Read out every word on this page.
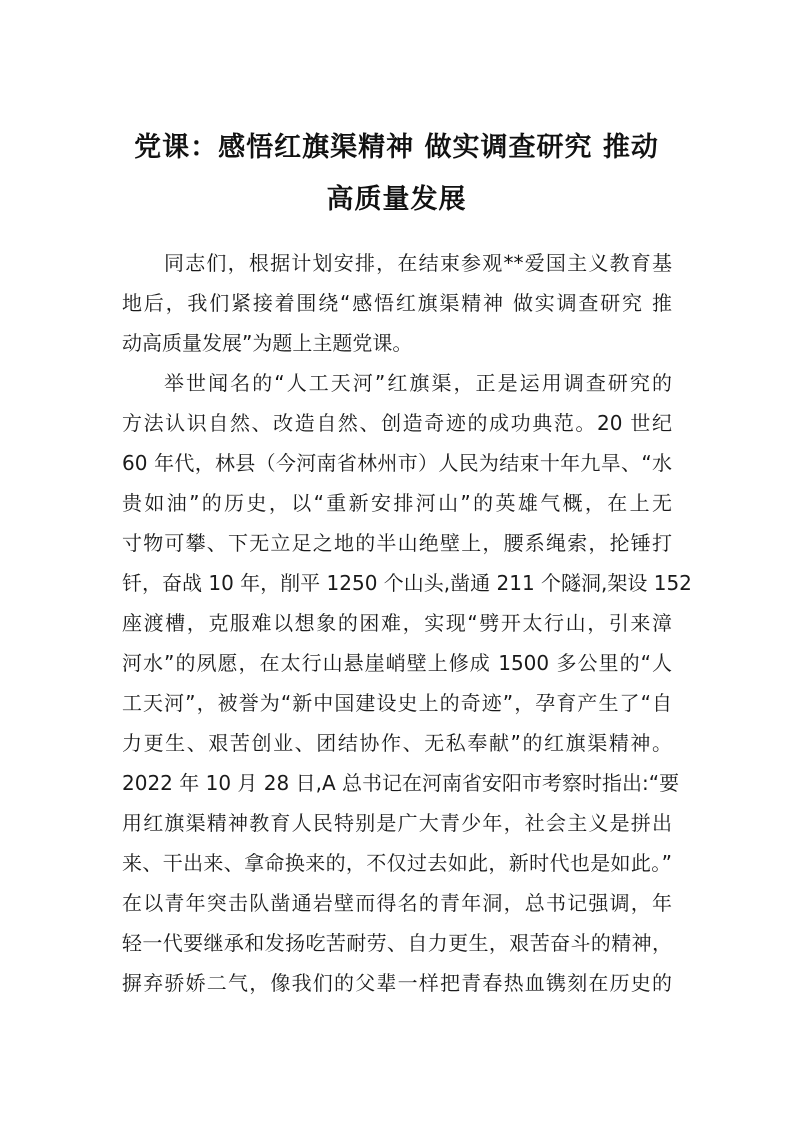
党课：感悟红旗渠精神 做实调查研究 推动
高质量发展
同志们，根据计划安排，在结束参观**爱国主义教育基
地后，我们紧接着围绕“感悟红旗渠精神 做实调查研究 推
动高质量发展”为题上主题党课。
举世闻名的“人工天河”红旗渠，正是运用调查研究的
方法认识自然、改造自然、创造奇迹的成功典范。20 世纪
60 年代，林县（今河南省林州市）人民为结束十年九旱、“水
贵如油”的历史，以“重新安排河山”的英雄气概，在上无
寸物可攀、下无立足之地的半山绝壁上，腰系绳索，抡锤打
钎，奋战 10 年，削平 1250 个山头,凿通 211 个隧洞,架设 152
座渡槽，克服难以想象的困难，实现“劈开太行山，引来漳
河水”的夙愿，在太行山悬崖峭壁上修成 1500 多公里的“人
工天河”，被誉为“新中国建设史上的奇迹”，孕育产生了“自
力更生、艰苦创业、团结协作、无私奉献”的红旗渠精神。
2022 年 10 月 28 日,A 总书记在河南省安阳市考察时指出:“要
用红旗渠精神教育人民特别是广大青少年，社会主义是拼出
来、干出来、拿命换来的，不仅过去如此，新时代也是如此。”
在以青年突击队凿通岩壁而得名的青年洞，总书记强调，年
轻一代要继承和发扬吃苦耐劳、自力更生，艰苦奋斗的精神，
摒弃骄娇二气，像我们的父辈一样把青春热血镌刻在历史的
